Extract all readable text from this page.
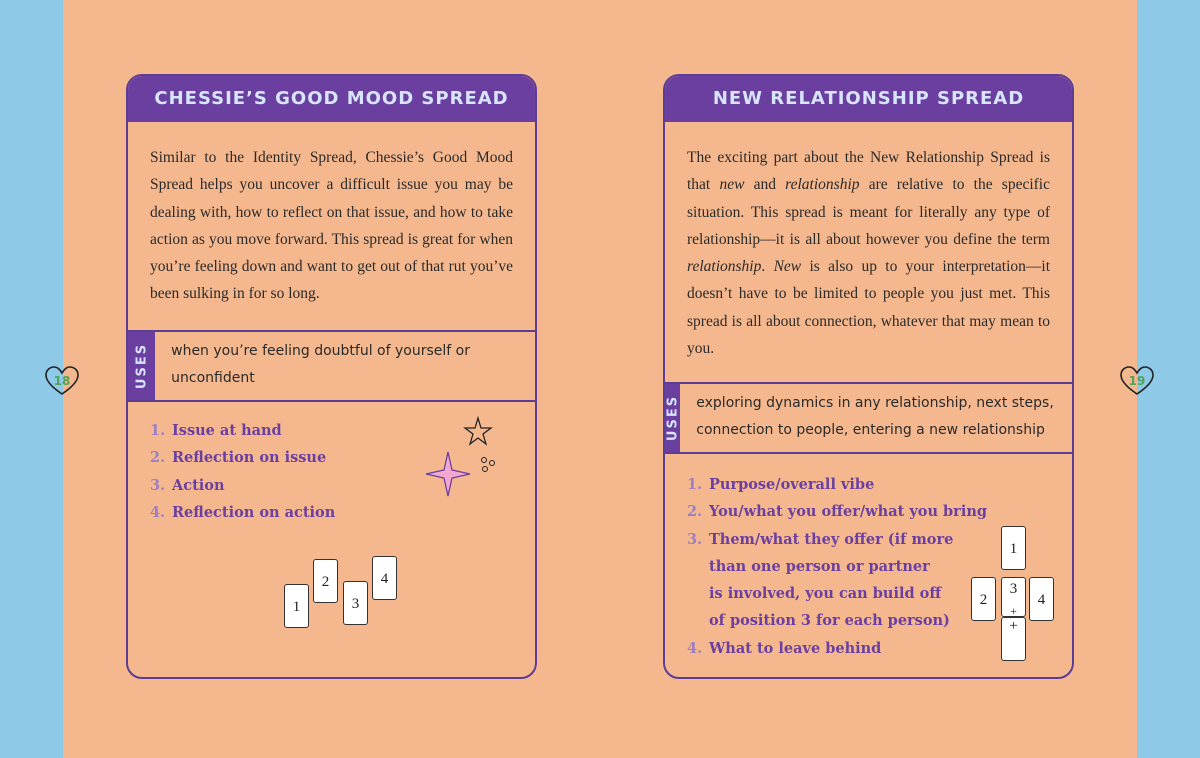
18	19
CHESSIE’S GOOD MOOD SPREAD
Similar to the Identity Spread, Chessie’s Good Mood Spread helps you uncover a difficult issue you may be dealing with, how to reflect on that issue, and how to take action as you move forward. This spread is great for when you’re feeling down and want to get out of that rut you’ve been sulking in for so long.
USES	when you’re feeling doubtful of yourself or unconfident
1. Issue at hand
2. Reflection on issue
3. Action
4. Reflection on action
1
2
3
4
NEW RELATIONSHIP SPREAD
The exciting part about the New Relationship Spread is that new and relationship are relative to the specific situation. This spread is meant for literally any type of relationship—it is all about however you define the term relationship. New is also up to your interpretation—it doesn’t have to be limited to people you just met. This spread is all about connection, whatever that may mean to you.
USES	exploring dynamics in any relationship, next steps, connection to people, entering a new relationship
1. Purpose/overall vibe
2. You/what you offer/what you bring
3. Them/what they offer (if more
than one person or partner
is involved, you can build off
of position 3 for each person)
4. What to leave behind
1
2	4
+
3
+
